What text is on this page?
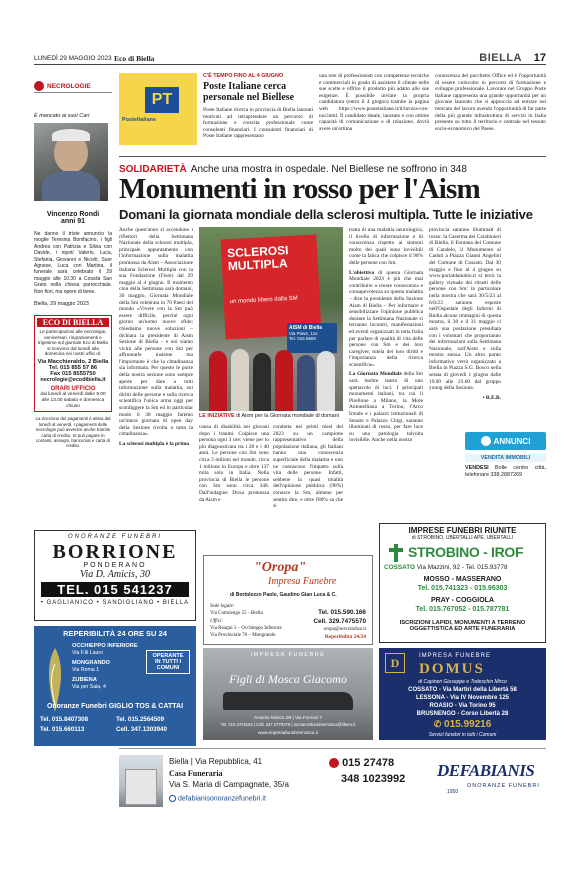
LUNEDÌ 29 MAGGIO 2023 Eco di Biella	BIELLA 17
NECROLOGIE
È mancato ai suoi Cari
Vincenzo Rondi
anni 91
Ne danno il triste annuncio la moglie Teresina Bonifacino, i figli Andrea con Patrizia e Silvia con Davide, i nipoti Valerio, Luca, Stefania, Giovanni e Nicolò, Suor Agnese, Luca con Martina, il funerale sarà celebrato il 29 maggio alle 10.30 a Cossila San Grato nella chiesa parrocchiale. Non fiori, ma opere di bene.
Biella, 29 maggio 2023
ECO DI BIELLA
Le partecipazioni alle necrologie, anniversari, ringraziamenti e trigesime sul giornale Eco di Biella si ricevono dal lunedì alla domenica nei nostri uffici di:
Via Macchieraldo, 2 Biella
Tel. 015 855 57 86
Fax 015 8555750
necrologie@ecodibiella.it
ORARI UFFICIO
dal lunedì al venerdì dalle 9.00 alle 13.00 sabato e domenica chiuso
La ricezione dei pagamenti è attiva dal lunedì al venerdì. I pagamenti delle necrologie può avvenire anche tramite carta di credito. Si può pagare in contanti, assegni, bancomat e carta di credito.
ONORANZE FUNEBRI
BORRIONE
PONDERANO
Via D. Amicis, 30
TEL. 015 541237
• GAGLIANICO • SANDIGLIANO • BIELLA
REPERIBILITÀ 24 ORE SU 24
OCCHIEPPO INFERIORE
Via F.lli Lauro
MONGRANDO
Via Roma 1
ZUBIENA
Via per Sala, 4
OPERANTE IN TUTTI I COMUNI
Onoranze Funebri GIGLIO TOS & CATTAI
Tel. 015.8407308	Tel. 015.2564509
Tel. 015.660113	Cell. 347.1303940
PT
PosteItaliane
C'È TEMPO FINO AL 4 GIUGNO
Poste Italiane cerca personale nel Biellese
Poste Italiane ricerca in provincia di Biella laureati motivati ad intraprendere un percorso di formazione e crescita professionale come consulenti finanziari. I consulenti finanziari di Poste Italiane rappresentano
una rete di professionisti con competenze tecniche e commerciali in grado di assistere il cliente nelle sue scelte e offrire il prodotto più adatto alle sue esigenze. È possibile inviare la propria candidatura (entro il 4 giugno) tramite la pagina web https://www.posteitaliane.it/it/lavora-con-noi.html. Il candidato ideale, laureato e con ottime capacità di comunicazione e di relazione, dovrà avere un'ottima
conoscenza del pacchetto Office ed è l'opportunità di essere coinvolto in percorsi di formazione e sviluppo professionale. Lavorare nel Gruppo Poste Italiane rappresenta una grande opportunità per un giovane laureato che si approccia ad entrare nel mercato del lavoro avendo l'opportunità di far parte della più grande infrastruttura di servizi in Italia presente su tutto il territorio e centrale nel tessuto socio-economico del Paese.
SOLIDARIETÀ Anche una mostra in ospedale. Nel Biellese ne soffrono in 348
Monumenti in rosso per l'Aism
Domani la giornata mondiale della sclerosi multipla. Tutte le iniziative
Anche quest'anno si accendono i riflettori della Settimana Nazionale della sclerosi multipla, principale appuntamento con l'informazione sulla malattia promossa da Aism – Associazione Italiana Sclerosi Multipla con la sua Fondazione (Fism) dal 29 maggio al 4 giugno. Il momento clou della Settimana sarà domani, 30 maggio, Giornata Mondiale della Sm celebrata in 70 Paesi del mondo «Vivere con la Sm può essere difficile, perché ogni giorno un'uomo nuove sfide; chiediamo nuove soluzioni – dichiara la presidente di Aism Sezione di Biella – e noi siamo vicini alle persone con Sm per affrontarle insieme ma l'importante è che la cittadinanza sia informata. Per questo le porte della nostra sezione sono sempre aperte per dare a tutti informazione sulla malattia, sui diritti delle persone e sulla ricerca scientifica l'unica arma oggi per sconfiggere la Sm ed in particolar modo il 30 maggio faremo un'intera giornata di open day della Sezione rivolta a tutta la cittadinanza».
La sclerosi multipla è la prima
SCLEROSI MULTIPLA
un mondo libero dalla SM
AISM di Biella
Via Piave, 11e
Tel. 015 8560
LE INIZIATIVE di Aism per la Giornata mondiale di domani
causa di disabilità nei giovani dopo i traumi. Colpisce una persona ogni 3 ore: viene per lo più diagnosticata tra i 20 e i 40 anni. Le persone con Sm sono circa 3 milioni nel mondo, circa 1 milione in Europa e oltre 137 mila solo in Italia. Nella provincia di Biella le persone con Sm sono circa 348. Dall'indagine Doxa promossa da Aism e
condotta nei primi mesi del 2023 su un campione rappresentativo della popolazione italiana, gli Italiani hanno una conoscenza superficiale della malattia e non ne conoscono l'impatto sulla vita delle persone. Infatti, sebbene la quasi totalità dell'opinione pubblica (98%) conosce la Sm, almeno per sentito dire, e oltre l'80% sa che si
tratta di una malattia neurologica, il livello di informazione e di conoscenza rispetto ai sintomi molto dei quali sono invisibili come la fatica che colpisce il 90% delle persone con Sm.
L'obiettivo di questa Giornata Mondiale 2023 è più che mai contribuire a creare conoscenza e consapevolezza su questa malattia – dice la presidente della Sezione Aism di Biella – Per informare e sensibilizzare l'opinione pubblica durante la Settimana Nazionale si terranno incontri, manifestazioni ed eventi organizzati in tutta Italia per parlare di qualità di vita delle persone con Sm e dei loro caregiver, tutela dei loro diritti e l'importanza della ricerca scientifica».
La Giornata Mondiale della Sm sarà inoltre teatro di uno spettacolo di luci. I principali monumenti italiani, tra cui il Pirellone a Milano, la Mole Antonelliana a Torino, l'Arco Irreale e i palazzi istituzionali di Senato e Palazzo Chigi, saranno illuminati di rosso, per fare luce su una patologia talvolta invisibile. Anche nella nostra
provincia saranno illuminati di rosso: la Caserma dei Carabinieri di Biella, il Fontana del Comune di Candelo, il Monumento ai Caduti a Piazza Gianni Angelini del Comune di Cossato. Dal 30 maggio e fino al 4 giugno su www.portaldanubio.it si terrà la gallery virtuale dei ritratti delle persone con Sm: in particolare nella mostra che sarà 30/5/23 al 6/6/23 saranno esposte nell'Ospedale degli Infermi di Biella alcune immagini di questa mostra, il 30 e il 31 maggio ci sarà una postazione presidiata con i volontari che proporranno dei informazioni sulla Settimana Nazionale, sull'Aism e sulla mostra stessa. Un altro punto informativo verrà organizzato a Biella in Piazza S.G. Bosco nella serata di giovedì 1 giugno dalle 19.00 alle 23.00 dal gruppo young della Sezione.
• R.E.B.
ANNUNCI
VENDITA IMMOBILI
VENDESI Bolle centro città, telefonare 338.2887269
"Oropa"
Impresa Funebre
di Bortolozzo Paolo, Gaudino Gian Luca & C.
Sede legale:
Via Cottolengo 55 - Biella
Uffici:
Via Roagni 3 – Occhieppo Inferiore
Via Provinciale 76 – Mongrando
Tel. 015.590.166
Cell. 329.7475570
oropa@serviziofun.it
Reperibilità 24/24
IMPRESA FUNEBRE
Figli di Mosca Giacomo
Antonio Mosca 2B | Via Fornaci 7
Tel. 015 2476162 | Cell. 347 2779279 | onoranzefunebremosca@libero.it
www.impresafunebremosca.it
IMPRESE FUNEBRI RIUNITE
di STROBINO, UBERTALLI APE, UBERTALLI
STROBINO - IROF
COSSATO Via Mazzini, 92 - Tel. 015.93778
MOSSO - MASSERANO
Tel. 015.741323 - 015.96303
PRAY - COGGIOLA
Tel. 015.767052 - 015.787781
ISCRIZIONI LAPIDI, MONUMENTI A TERRENO OGGETTISTICA ED ARTE FUNERARIA
D	IMPRESA FUNEBRE
DOMUS
di Capineri Giuseppe e Todeschin Mirco
COSSATO - Via Martiri della Libertà 58
LESSONA - Via IV Novembre 125
ROASIO - Via Torino 95
BRUSNENGO - Corso Libertà 28
✆ 015.99216
Servizi funebri in tutti i Comuni
Biella | Via Repubblica, 41
Casa Funeraria
Via S. Maria di Campagnate, 35/a
defabianisonoranzefunebri.it
015 27478
348 1023992 DEFABIANIS
ONORANZE FUNEBRI
1950
